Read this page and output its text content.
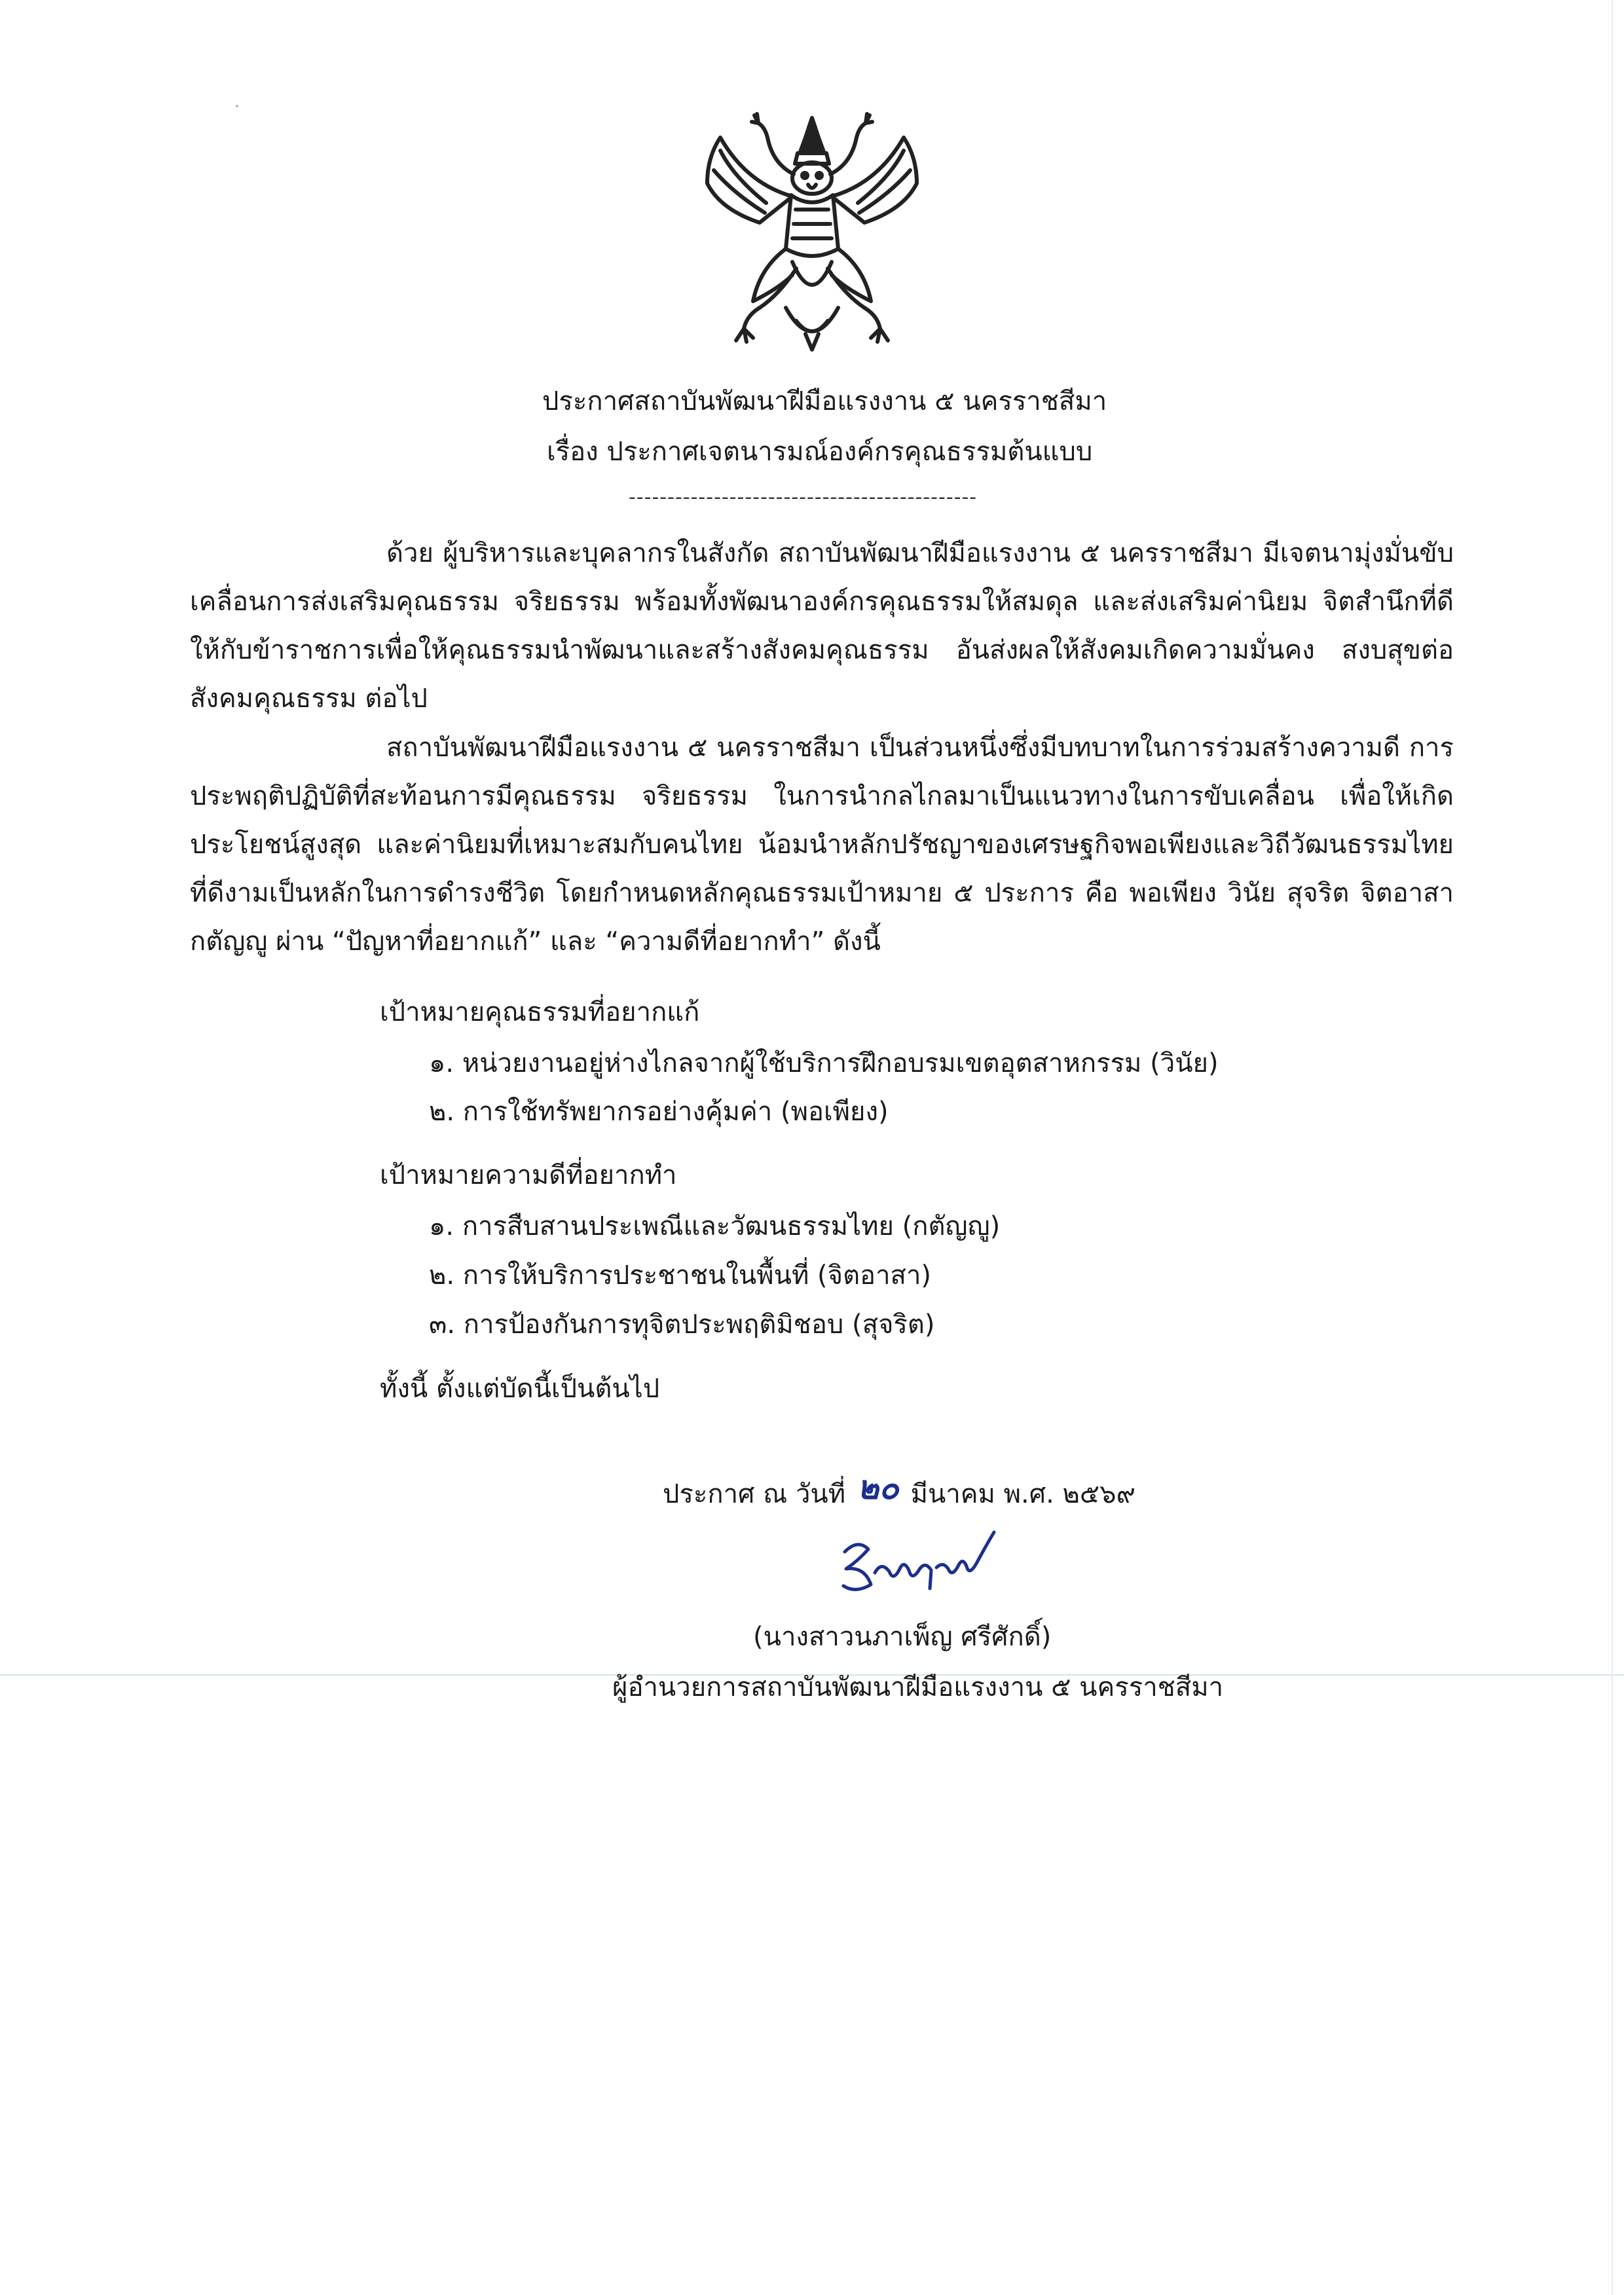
ประกาศสถาบันพัฒนาฝีมือแรงงาน ๕ นครราชสีมา
เรื่อง ประกาศเจตนารมณ์องค์กรคุณธรรมต้นแบบ
---------------------------------------------
ด้วย ผู้บริหารและบุคลากรในสังกัด สถาบันพัฒนาฝีมือแรงงาน ๕ นครราชสีมา มีเจตนามุ่งมั่นขับเคลื่อนการส่งเสริมคุณธรรม จริยธรรม พร้อมทั้งพัฒนาองค์กรคุณธรรมให้สมดุล และส่งเสริมค่านิยม จิตสำนึกที่ดีให้กับข้าราชการเพื่อให้คุณธรรมนำพัฒนาและสร้างสังคมคุณธรรม อันส่งผลให้สังคมเกิดความมั่นคง สงบสุขต่อสังคมคุณธรรม ต่อไป
สถาบันพัฒนาฝีมือแรงงาน ๕ นครราชสีมา เป็นส่วนหนึ่งซึ่งมีบทบาทในการร่วมสร้างความดี การประพฤติปฏิบัติที่สะท้อนการมีคุณธรรม จริยธรรม ในการนำกลไกลมาเป็นแนวทางในการขับเคลื่อน เพื่อให้เกิดประโยชน์สูงสุด และค่านิยมที่เหมาะสมกับคนไทย น้อมนำหลักปรัชญาของเศรษฐกิจพอเพียงและวิถีวัฒนธรรมไทยที่ดีงามเป็นหลักในการดำรงชีวิต โดยกำหนดหลักคุณธรรมเป้าหมาย ๕ ประการ คือ พอเพียง วินัย สุจริต จิตอาสา กตัญญู ผ่าน “ปัญหาที่อยากแก้” และ “ความดีที่อยากทำ” ดังนี้
เป้าหมายคุณธรรมที่อยากแก้
๑. หน่วยงานอยู่ห่างไกลจากผู้ใช้บริการฝึกอบรมเขตอุตสาหกรรม (วินัย)
๒. การใช้ทรัพยากรอย่างคุ้มค่า (พอเพียง)
เป้าหมายความดีที่อยากทำ
๑. การสืบสานประเพณีและวัฒนธรรมไทย (กตัญญู)
๒. การให้บริการประชาชนในพื้นที่ (จิตอาสา)
๓. การป้องกันการทุจิตประพฤติมิชอบ (สุจริต)
ทั้งนี้ ตั้งแต่บัดนี้เป็นต้นไป
ประกาศ ณ วันที่ ๒๐ มีนาคม พ.ศ. ๒๕๖๙
(นางสาวนภาเพ็ญ ศรีศักดิ์)
ผู้อำนวยการสถาบันพัฒนาฝีมือแรงงาน ๕ นครราชสีมา
